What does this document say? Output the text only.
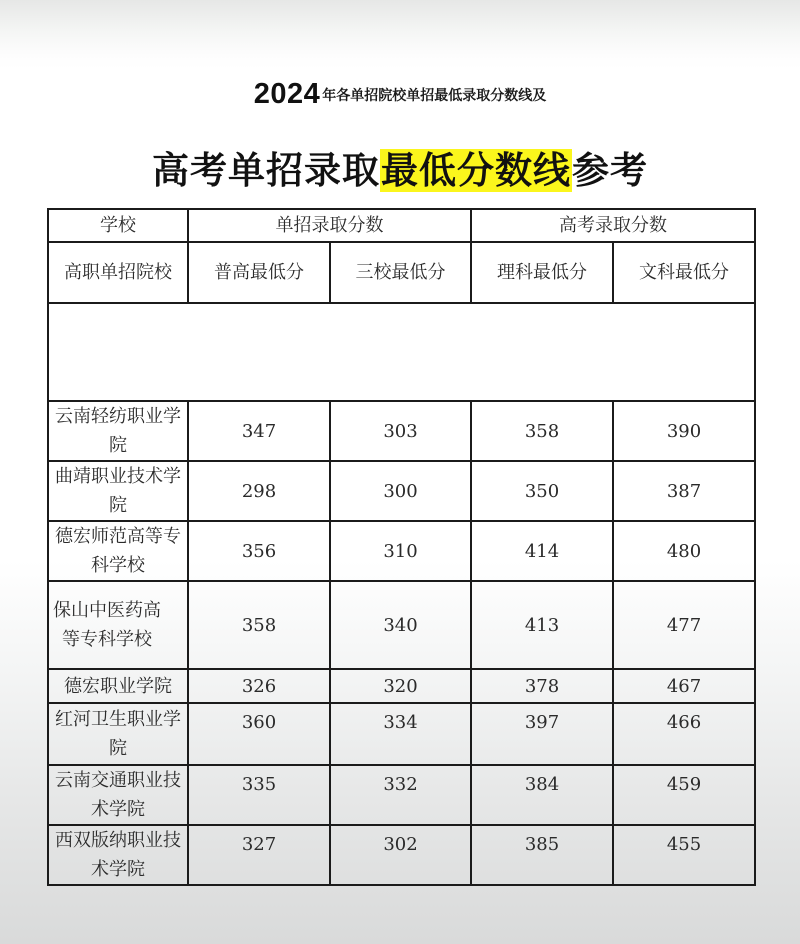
2024 年各单招院校单招最低录取分数线及
高考单招录取最低分数线参考
学校	单招录取分数		高考录取分数	
高职单招院校	普高最低分	三校最低分	理科最低分	文科最低分

云南轻纺职业学院	347	303	358	390
曲靖职业技术学院	298	300	350	387
德宏师范高等专科学校	356	310	414	480
保山中医药高等专科学校	358	340	413	477
德宏职业学院	326	320	378	467
红河卫生职业学院	360	334	397	466
云南交通职业技术学院	335	332	384	459
西双版纳职业技术学院	327	302	385	455
